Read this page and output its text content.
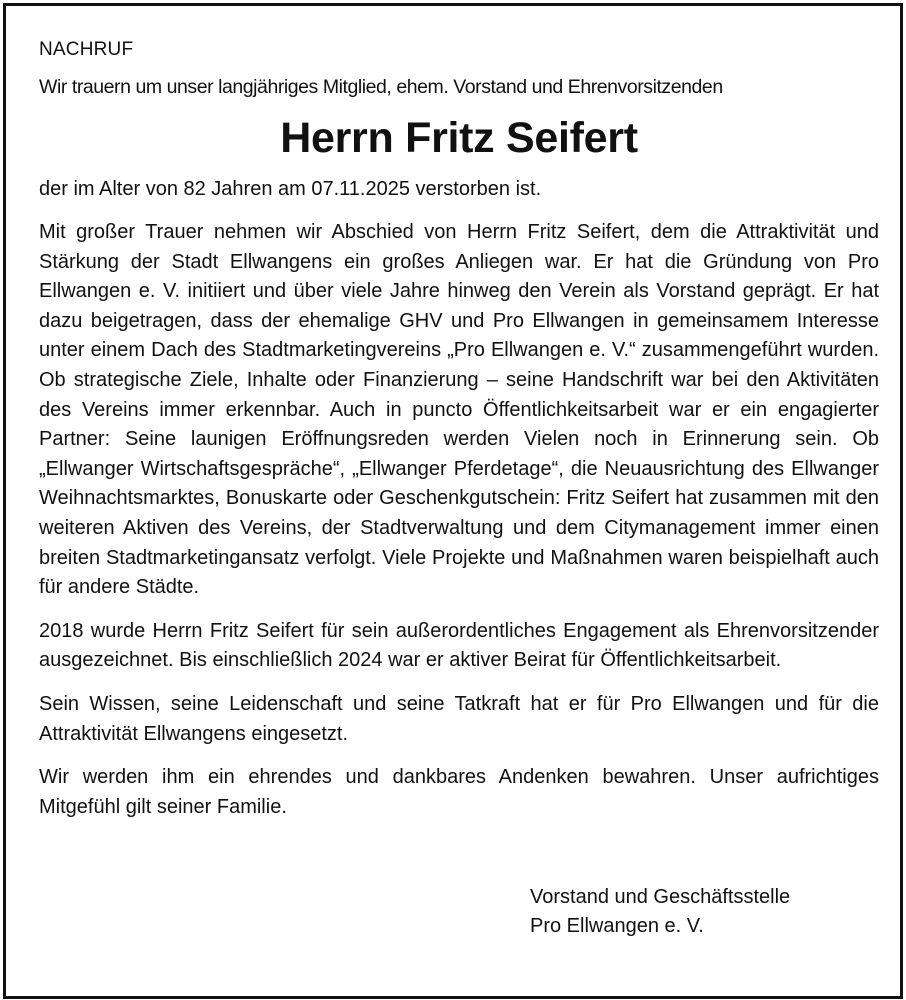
NACHRUF
Wir trauern um unser langjähriges Mitglied, ehem. Vorstand und Ehrenvorsitzenden
Herrn Fritz Seifert
der im Alter von 82 Jahren am 07.11.2025 verstorben ist.
Mit großer Trauer nehmen wir Abschied von Herrn Fritz Seifert, dem die Attraktivität und Stärkung der Stadt Ellwangens ein großes Anliegen war. Er hat die Gründung von Pro Ellwangen e. V. initiiert und über viele Jahre hinweg den Verein als Vorstand geprägt. Er hat dazu beigetragen, dass der ehemalige GHV und Pro Ellwangen in gemeinsamem Interesse unter einem Dach des Stadtmarketingvereins „Pro Ellwangen e. V.“ zusammengeführt wurden. Ob strategische Ziele, Inhalte oder Finanzierung – seine Handschrift war bei den Aktivitäten des Vereins immer erkennbar. Auch in puncto Öffentlichkeitsarbeit war er ein engagierter Partner: Seine launigen Eröffnungsreden werden Vielen noch in Erinnerung sein. Ob „Ellwanger Wirtschaftsgespräche“, „Ellwanger Pferdetage“, die Neuausrichtung des Ellwanger Weihnachtsmarktes, Bonuskarte oder Geschenkgutschein: Fritz Seifert hat zusammen mit den weiteren Aktiven des Vereins, der Stadtverwaltung und dem Citymanagement immer einen breiten Stadtmarketingansatz verfolgt. Viele Projekte und Maßnahmen waren beispielhaft auch für andere Städte.
2018 wurde Herrn Fritz Seifert für sein außerordentliches Engagement als Ehrenvorsitzender ausgezeichnet. Bis einschließlich 2024 war er aktiver Beirat für Öffentlichkeitsarbeit.
Sein Wissen, seine Leidenschaft und seine Tatkraft hat er für Pro Ellwangen und für die Attraktivität Ellwangens eingesetzt.
Wir werden ihm ein ehrendes und dankbares Andenken bewahren. Unser aufrichtiges Mitgefühl gilt seiner Familie.
Vorstand und Geschäftsstelle
Pro Ellwangen e. V.
